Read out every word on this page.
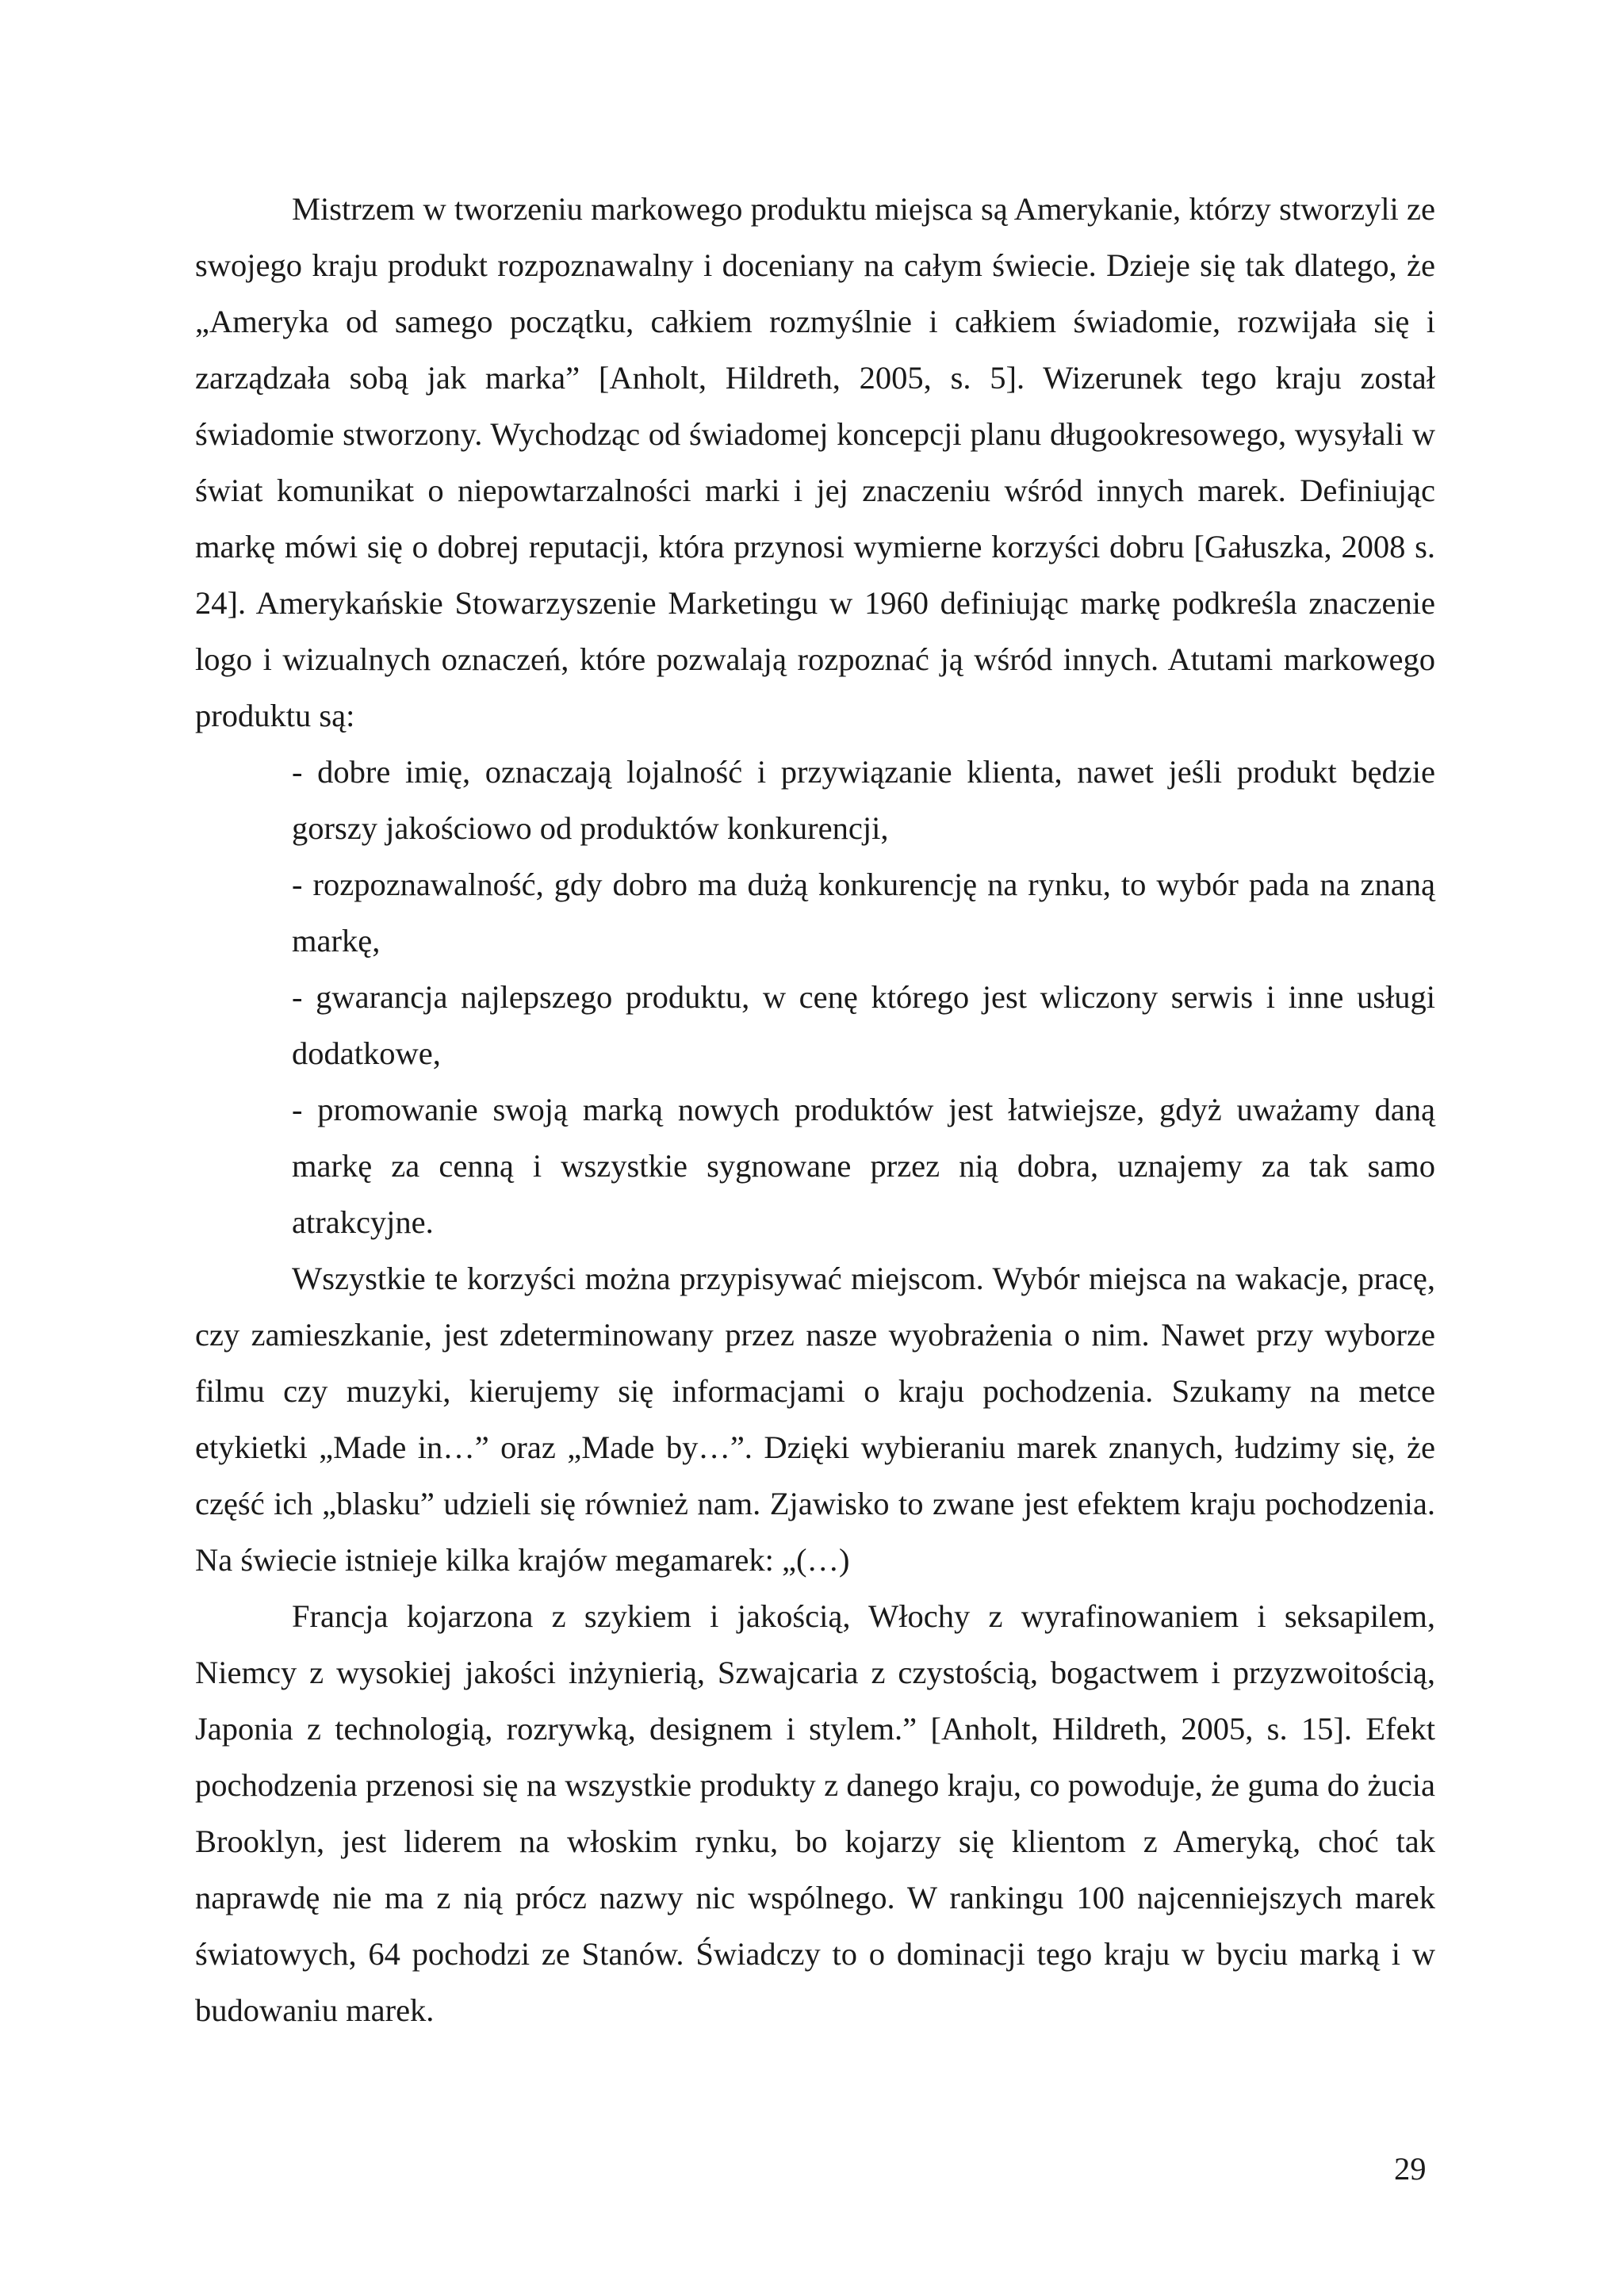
Mistrzem w tworzeniu markowego produktu miejsca są Amerykanie, którzy stworzyli ze swojego kraju produkt rozpoznawalny i doceniany na całym świecie. Dzieje się tak dlatego, że „Ameryka od samego początku, całkiem rozmyślnie i całkiem świadomie, rozwijała się i zarządzała sobą jak marka” [Anholt, Hildreth, 2005, s. 5]. Wizerunek tego kraju został świadomie stworzony. Wychodząc od świadomej koncepcji planu długookresowego, wysyłali w świat komunikat o niepowtarzalności marki i jej znaczeniu wśród innych marek. Definiując markę mówi się o dobrej reputacji, która przynosi wymierne korzyści dobru [Gałuszka, 2008 s. 24]. Amerykańskie Stowarzyszenie Marketingu w 1960 definiując markę podkreśla znaczenie logo i wizualnych oznaczeń, które pozwalają rozpoznać ją wśród innych. Atutami markowego produktu są:

- dobre imię, oznaczają lojalność i przywiązanie klienta, nawet jeśli produkt będzie gorszy jakościowo od produktów konkurencji,
- rozpoznawalność, gdy dobro ma dużą konkurencję na rynku, to wybór pada na znaną markę,
- gwarancja najlepszego produktu, w cenę którego jest wliczony serwis i inne usługi dodatkowe,
- promowanie swoją marką nowych produktów jest łatwiejsze, gdyż uważamy daną markę za cenną i wszystkie sygnowane przez nią dobra, uznajemy za tak samo atrakcyjne.

Wszystkie te korzyści można przypisywać miejscom. Wybór miejsca na wakacje, pracę, czy zamieszkanie, jest zdeterminowany przez nasze wyobrażenia o nim. Nawet przy wyborze filmu czy muzyki, kierujemy się informacjami o kraju pochodzenia. Szukamy na metce etykietki „Made in…” oraz „Made by…”. Dzięki wybieraniu marek znanych, łudzimy się, że część ich „blasku” udzieli się również nam. Zjawisko to zwane jest efektem kraju pochodzenia. Na świecie istnieje kilka krajów megamarek: „(…)

Francja kojarzona z szykiem i jakością, Włochy z wyrafinowaniem i seksapilem, Niemcy z wysokiej jakości inżynierią, Szwajcaria z czystością, bogactwem i przyzwoitością, Japonia z technologią, rozrywką, designem i stylem.” [Anholt, Hildreth, 2005, s. 15]. Efekt pochodzenia przenosi się na wszystkie produkty z danego kraju, co powoduje, że guma do żucia Brooklyn, jest liderem na włoskim rynku, bo kojarzy się klientom z Ameryką, choć tak naprawdę nie ma z nią prócz nazwy nic wspólnego. W rankingu 100 najcenniejszych marek światowych, 64 pochodzi ze Stanów. Świadczy to o dominacji tego kraju w byciu marką i w budowaniu marek.

29
